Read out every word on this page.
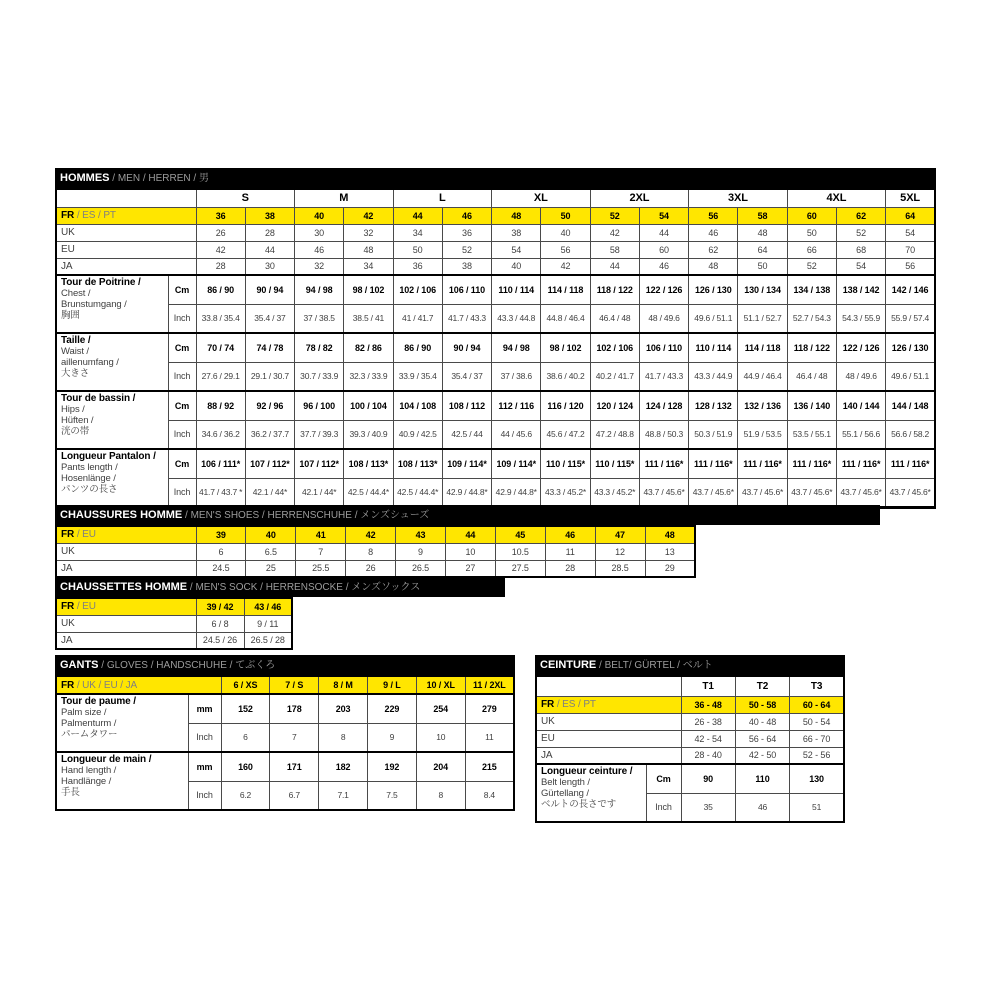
HOMMES / MEN / HERREN / 男
		S		M		L		XL		2XL		3XL		4XL		5XL
FR / ES / PT		36	38	40	42	44	46	48	50	52	54	56	58	60	62	64
UK		26	28	30	32	34	36	38	40	42	44	46	48	50	52	54
EU		42	44	46	48	50	52	54	56	58	60	62	64	66	68	70
JA		28	30	32	34	36	38	40	42	44	46	48	50	52	54	56

Tour de Poitrine /
Chest /
Brunstumgang /
胸囲	Cm	86 / 90	90 / 94	94 / 98	98 / 102	102 / 106	106 / 110	110 / 114	114 / 118	118 / 122	122 / 126	126 / 130	130 / 134	134 / 138	138 / 142	142 / 146
	Inch	33.8 / 35.4	35.4 / 37	37 / 38.5	38.5 / 41	41 / 41.7	41.7 / 43.3	43.3 / 44.8	44.8 / 46.4	46.4 / 48	48 / 49.6	49.6 / 51.1	51.1 / 52.7	52.7 / 54.3	54.3 / 55.9	55.9 / 57.4

Taille /
Waist /
aillenumfang /
大きさ	Cm	70 / 74	74 / 78	78 / 82	82 / 86	86 / 90	90 / 94	94 / 98	98 / 102	102 / 106	106 / 110	110 / 114	114 / 118	118 / 122	122 / 126	126 / 130
	Inch	27.6 / 29.1	29.1 / 30.7	30.7 / 33.9	32.3 / 33.9	33.9 / 35.4	35.4 / 37	37 / 38.6	38.6 / 40.2	40.2 / 41.7	41.7 / 43.3	43.3 / 44.9	44.9 / 46.4	46.4 / 48	48 / 49.6	49.6 / 51.1

Tour de bassin /
Hips /
Hüften /
洸の帯	Cm	88 / 92	92 / 96	96 / 100	100 / 104	104 / 108	108 / 112	112 / 116	116 / 120	120 / 124	124 / 128	128 / 132	132 / 136	136 / 140	140 / 144	144 / 148
	Inch	34.6 / 36.2	36.2 / 37.7	37.7 / 39.3	39.3 / 40.9	40.9 / 42.5	42.5 / 44	44 / 45.6	45.6 / 47.2	47.2 / 48.8	48.8 / 50.3	50.3 / 51.9	51.9 / 53.5	53.5 / 55.1	55.1 / 56.6	56.6 / 58.2

Longueur Pantalon /
Pants length /
Hosenlänge /
パンツの長さ	Cm	106 / 111*	107 / 112*	107 / 112*	108 / 113*	108 / 113*	109 / 114*	109 / 114*	110 / 115*	110 / 115*	111 / 116*	111 / 116*	111 / 116*	111 / 116*	111 / 116*	111 / 116*
	Inch	41.7 / 43.7 *	42.1 / 44*	42.1 / 44*	42.5 / 44.4*	42.5 / 44.4*	42.9 / 44.8*	42.9 / 44.8*	43.3 / 45.2*	43.3 / 45.2*	43.7 / 45.6*	43.7 / 45.6*	43.7 / 45.6*	43.7 / 45.6*	43.7 / 45.6*	43.7 / 45.6*
CHAUSSURES HOMME / MEN'S SHOES / HERRENSCHUHE / メンズシューズ
FR / EU	39	40	41	42	43	44	45	46	47	48
UK	6	6.5	7	8	9	10	10.5	11	12	13
JA	24.5	25	25.5	26	26.5	27	27.5	28	28.5	29
CHAUSSETTES HOMME / MEN'S SOCK / HERRENSOCKE / メンズソックス
FR / EU	39 / 42	43 / 46
UK	6 / 8	9 / 11
JA	24.5 / 26	26.5 / 28
GANTS / GLOVES / HANDSCHUHE / てぶくろ
FR / UK / EU / JA		6 / XS	7 / S	8 / M	9 / L	10 / XL	11 / 2XL

Tour de paume /
Palm size /
Palmenturm /
パームタワー	mm	152	178	203	229	254	279
	Inch	6	7	8	9	10	11

Longueur de main /
Hand length /
Handlänge /
手長	mm	160	171	182	192	204	215
	Inch	6.2	6.7	7.1	7.5	8	8.4
CEINTURE / BELT/ GÜRTEL / ベルト
		T1	T2	T3
FR / ES / PT		36 - 48	50 - 58	60 - 64
UK		26 - 38	40 - 48	50 - 54
EU		42 - 54	56 - 64	66 - 70
JA		28 - 40	42 - 50	52 - 56

Longueur ceinture /
Belt length /
Gürtellang /
ベルトの長さです	Cm	90	110	130
	Inch	35	46	51
